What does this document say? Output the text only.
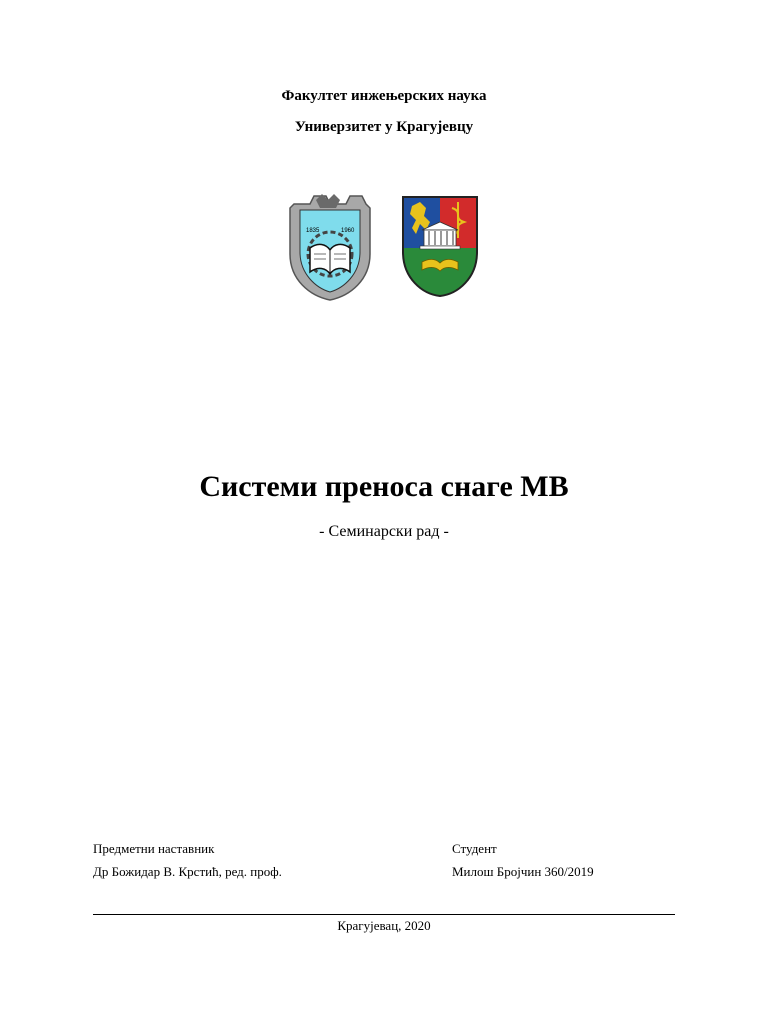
Факултет инжењерских наука
Универзитет у Крагујевцу
1835	1960
Системи преноса снаге МВ
- Семинарски рад -
Предметни наставник
Др Божидар В. Крстић, ред. проф.
Студент
Милош Бројчин 360/2019
Крагујевац, 2020
